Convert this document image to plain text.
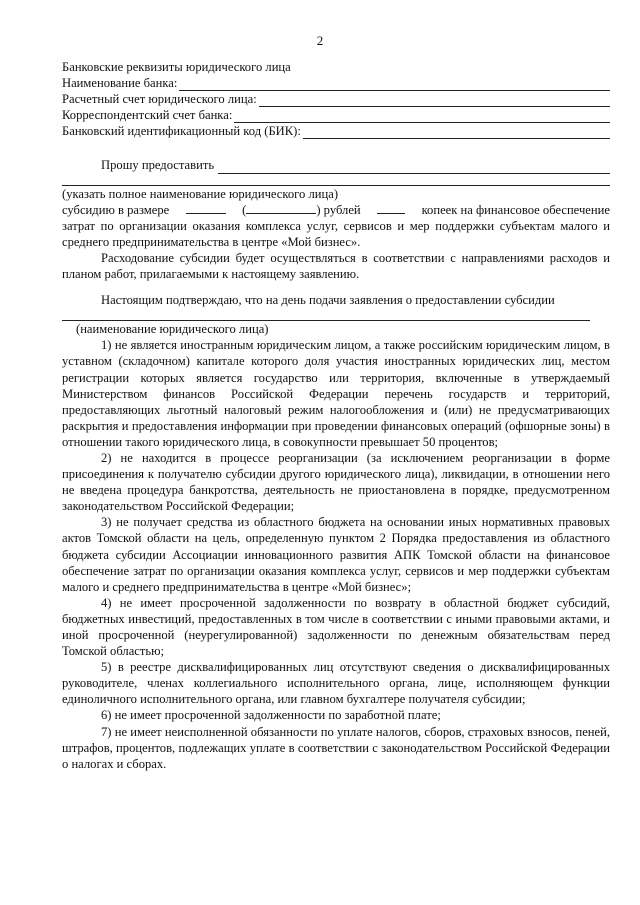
2
Банковские реквизиты юридического лица
Наименование банка:
Расчетный счет юридического лица:
Корреспондентский счет банка:
Банковский идентификационный код (БИК):
Прошу предоставить

(указать полное наименование юридического лица)

субсидию в размере	(	) рублей	копеек на финансовое обеспечение

затрат по организации оказания комплекса услуг, сервисов и мер поддержки субъектам малого и среднего предпринимательства в центре «Мой бизнес».

Расходование субсидии будет осуществляться в соответствии с направлениями расходов и планом работ, прилагаемыми к настоящему заявлению.

Настоящим подтверждаю, что на день подачи заявления о предоставлении субсидии

(наименование юридического лица)

1) не является иностранным юридическим лицом, а также российским юридическим лицом, в уставном (складочном) капитале которого доля участия иностранных юридических лиц, местом регистрации которых является государство или территория, включенные в утверждаемый Министерством финансов Российской Федерации перечень государств и территорий, предоставляющих льготный налоговый режим налогообложения и (или) не предусматривающих раскрытия и предоставления информации при проведении финансовых операций (офшорные зоны) в отношении такого юридического лица, в совокупности превышает 50 процентов;

2) не находится в процессе реорганизации (за исключением реорганизации в форме присоединения к получателю субсидии другого юридического лица), ликвидации, в отношении него не введена процедура банкротства, деятельность не приостановлена в порядке, предусмотренном законодательством Российской Федерации;

3) не получает средства из областного бюджета на основании иных нормативных правовых актов Томской области на цель, определенную пунктом 2 Порядка предоставления из областного бюджета субсидии Ассоциации инновационного развития АПК Томской области на финансовое обеспечение затрат по организации оказания комплекса услуг, сервисов и мер поддержки субъектам малого и среднего предпринимательства в центре «Мой бизнес»;

4) не имеет просроченной задолженности по возврату в областной бюджет субсидий, бюджетных инвестиций, предоставленных в том числе в соответствии с иными правовыми актами, и иной просроченной (неурегулированной) задолженности по денежным обязательствам перед Томской областью;

5) в реестре дисквалифицированных лиц отсутствуют сведения о дисквалифицированных руководителе, членах коллегиального исполнительного органа, лице, исполняющем функции единоличного исполнительного органа, или главном бухгалтере получателя субсидии;

6) не имеет просроченной задолженности по заработной плате;

7) не имеет неисполненной обязанности по уплате налогов, сборов, страховых взносов, пеней, штрафов, процентов, подлежащих уплате в соответствии с законодательством Российской Федерации о налогах и сборах.
